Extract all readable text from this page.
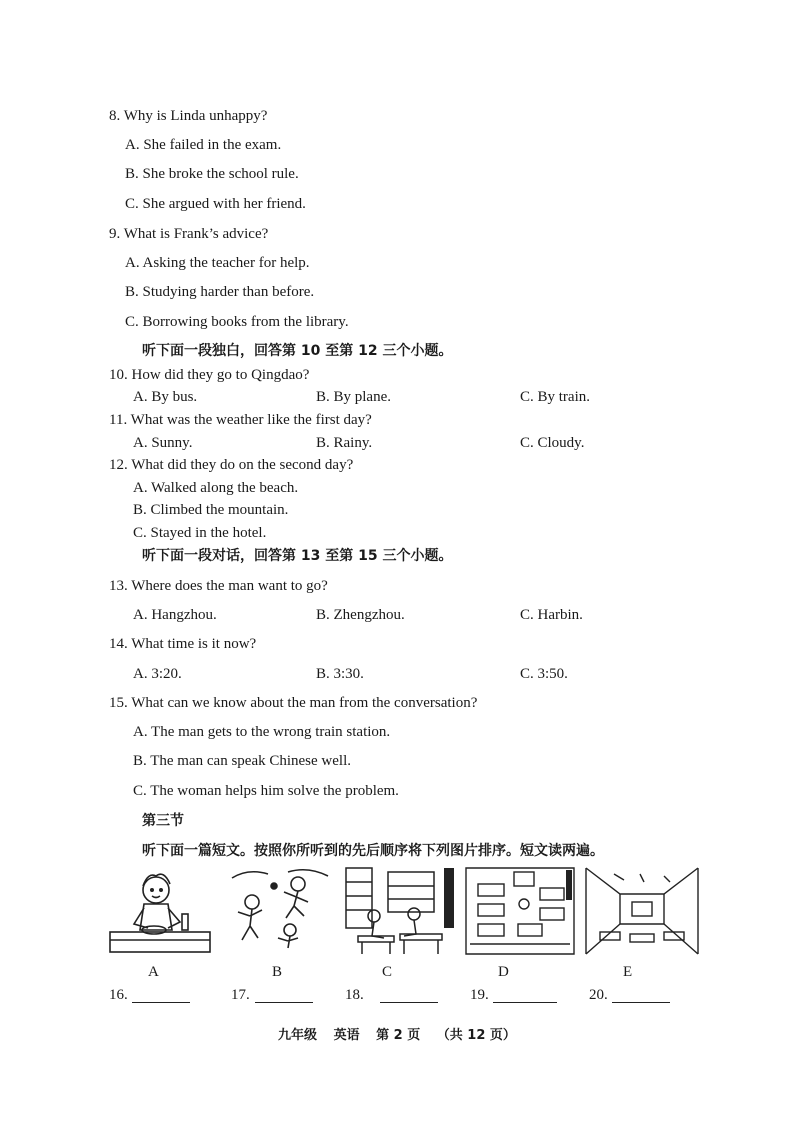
8. Why is Linda unhappy?
A. She failed in the exam.
B. She broke the school rule.
C. She argued with her friend.
9. What is Frank’s advice?
A. Asking the teacher for help.
B. Studying harder than before.
C. Borrowing books from the library.
听下面一段独白，回答第 10 至第 12 三个小题。
10. How did they go to Qingdao?
A. By bus.	B. By plane.	C. By train.
11. What was the weather like the first day?
A. Sunny.	B. Rainy.	C. Cloudy.
12. What did they do on the second day?
A. Walked along the beach.
B. Climbed the mountain.
C. Stayed in the hotel.
听下面一段对话，回答第 13 至第 15 三个小题。
13. Where does the man want to go?
A. Hangzhou.	B. Zhengzhou.	C. Harbin.
14. What time is it now?
A. 3:20.	B. 3:30.	C. 3:50.
15. What can we know about the man from the conversation?
A. The man gets to the wrong train station.
B. The man can speak Chinese well.
C. The woman helps him solve the problem.
第三节
听下面一篇短文。按照你所听到的先后顺序将下列图片排序。短文读两遍。
A	B	C	D	E
16.	17.	18.	19.	20.
九年级 英语 第 2 页 （共 12 页）
